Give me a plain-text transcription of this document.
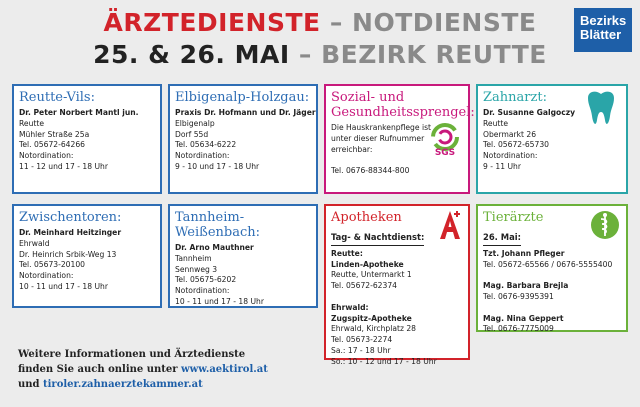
ÄRZTEDIENSTE – NOTDIENSTE
25. & 26. MAI – BEZIRK REUTTE
Bezirks
Blätter
Reutte-Vils:
Dr. Peter Norbert Mantl jun.
Reutte
Mühler Straße 25a
Tel. 05672-64266
Notordination:
11 - 12 und 17 - 18 Uhr
Elbigenalp-Holzgau:
Praxis Dr. Hofmann und Dr. Jäger
Elbigenalp
Dorf 55d
Tel. 05634-6222
Notordination:
9 - 10 und 17 - 18 Uhr
Sozial- und
Gesundheitssprengel:
Die Hauskrankenpflege ist
unter dieser Rufnummer
erreichbar:

Tel. 0676-88344-800
SGS
Zahnarzt:
Dr. Susanne Galgoczy
Reutte
Obermarkt 26
Tel. 05672-65730
Notordination:
9 - 11 Uhr
Zwischentoren:
Dr. Meinhard Heitzinger
Ehrwald
Dr. Heinrich Srbik-Weg 13
Tel. 05673-20100
Notordination:
10 - 11 und 17 - 18 Uhr
Tannheim-
Weißenbach:
Dr. Arno Mauthner
Tannheim
Sennweg 3
Tel. 05675-6202
Notordination:
10 - 11 und 17 - 18 Uhr
Apotheken
Tag- & Nachtdienst:
Reutte:
Linden-Apotheke
Reutte, Untermarkt 1
Tel. 05672-62374

Ehrwald:
Zugspitz-Apotheke
Ehrwald, Kirchplatz 28
Tel. 05673-2274
Sa.: 17 - 18 Uhr
So.: 10 - 12 und 17 - 18 Uhr
Tierärzte
26. Mai:
Tzt. Johann Pfleger
Tel. 05672-65566 / 0676-5555400

Mag. Barbara Brejla
Tel. 0676-9395391

Mag. Nina Geppert
Tel. 0676-7775009
Weitere Informationen und Ärztedienste
finden Sie auch online unter www.aektirol.at
und tiroler.zahnaerztekammer.at
